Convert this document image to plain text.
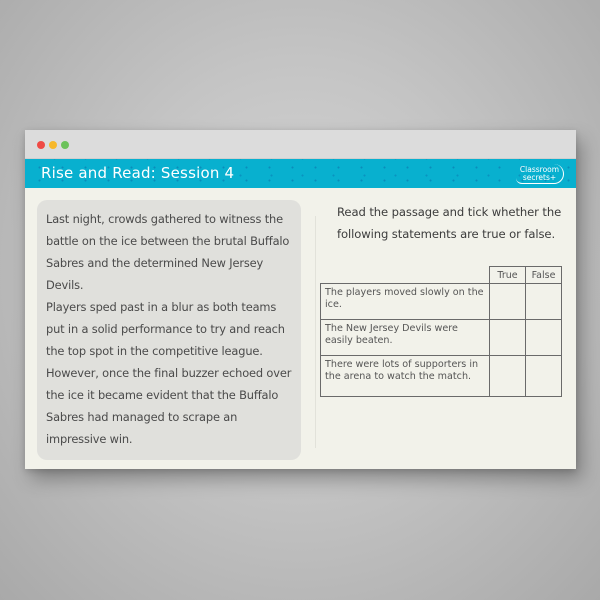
Rise and Read: Session 4	Classroom
secrets+

Last night, crowds gathered to witness the battle on the ice between the brutal Buffalo Sabres and the determined New Jersey Devils.

Players sped past in a blur as both teams put in a solid performance to try and reach the top spot in the competitive league.

However, once the final buzzer echoed over the ice it became evident that the Buffalo Sabres had managed to scrape an impressive win.

Read the passage and tick whether the following statements are true or false.
	True	False
The players moved slowly on the ice.		
The New Jersey Devils were easily beaten.		
There were lots of supporters in the arena to watch the match.		
